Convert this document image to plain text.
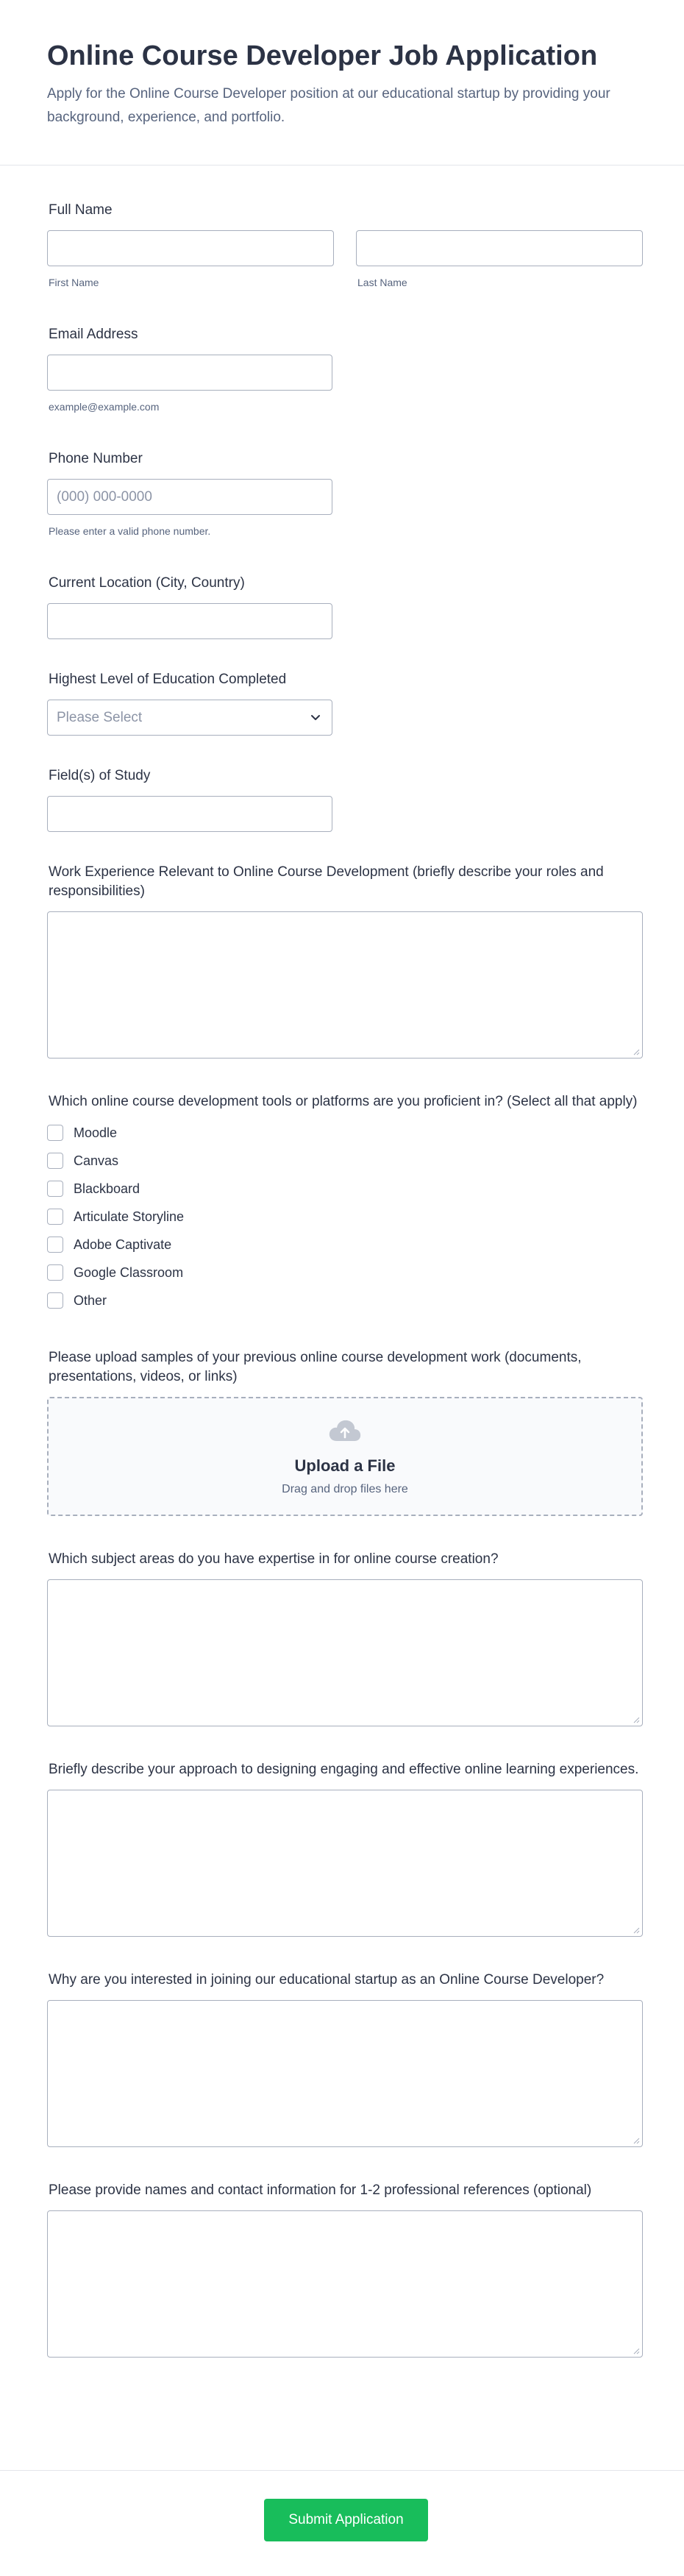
Online Course Developer Job Application

Apply for the Online Course Developer position at our educational startup by providing your background, experience, and portfolio.

Full Name
First Name	Last Name
Email Address
example@example.com
Phone Number
(000) 000-0000
Please enter a valid phone number.
Current Location (City, Country)
Highest Level of Education Completed
Please Select
Field(s) of Study
Work Experience Relevant to Online Course Development (briefly describe your roles and responsibilities)
Which online course development tools or platforms are you proficient in? (Select all that apply)
Moodle
Canvas
Blackboard
Articulate Storyline
Adobe Captivate
Google Classroom
Other
Please upload samples of your previous online course development work (documents, presentations, videos, or links)
Upload a File
Drag and drop files here
Which subject areas do you have expertise in for online course creation?
Briefly describe your approach to designing engaging and effective online learning experiences.
Why are you interested in joining our educational startup as an Online Course Developer?
Please provide names and contact information for 1-2 professional references (optional)
Submit Application
